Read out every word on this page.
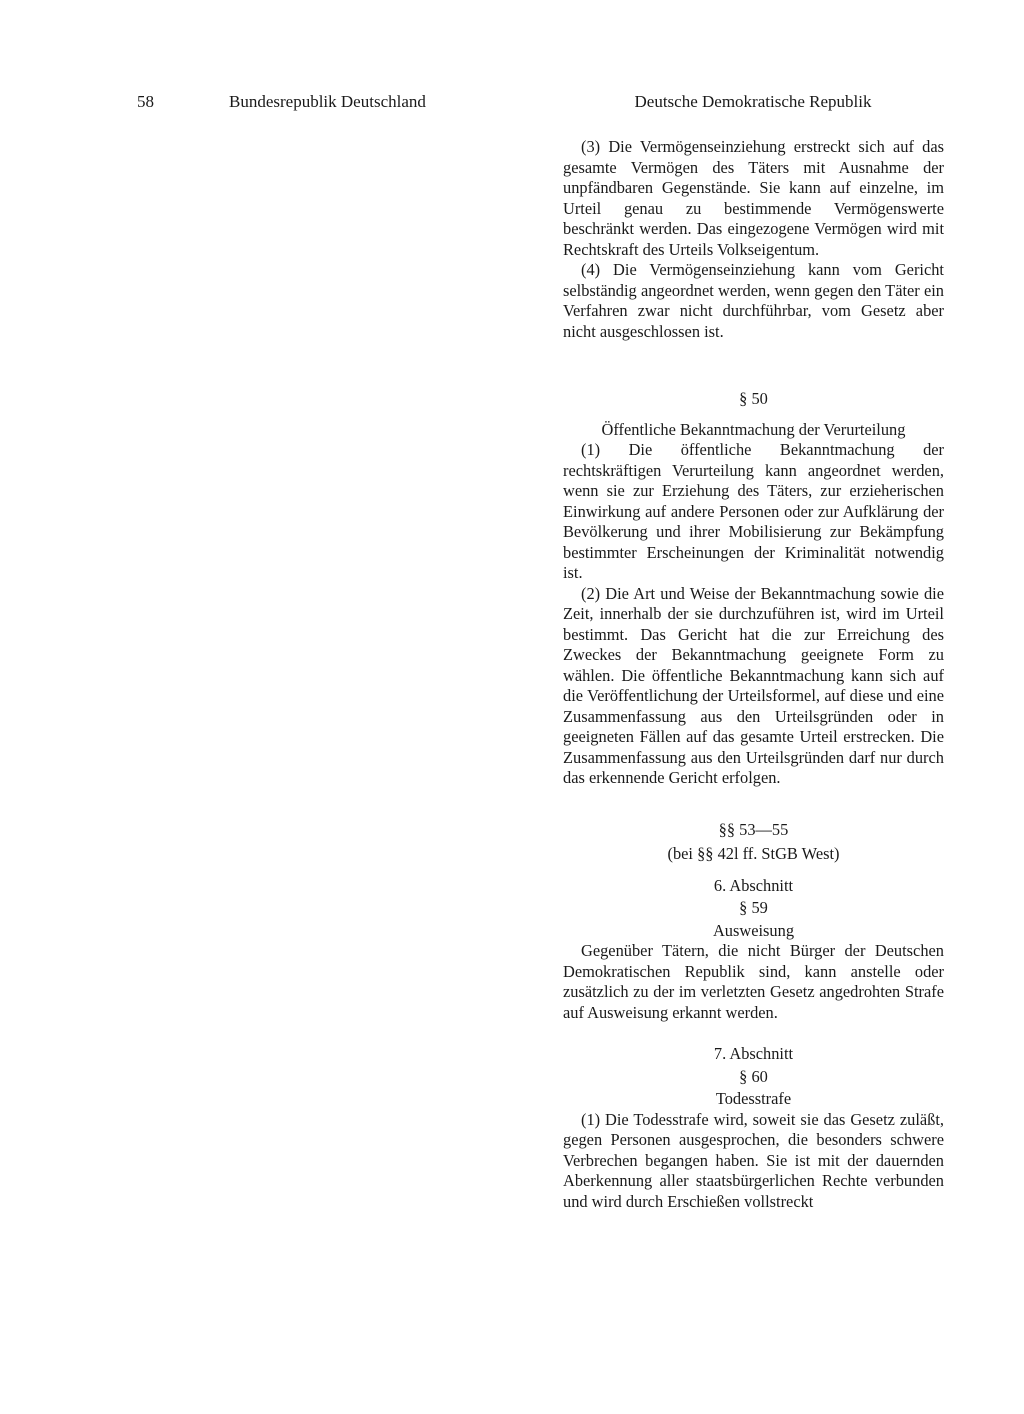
58	Bundesrepublik Deutschland	Deutsche Demokratische Republik

(3) Die Vermögenseinziehung erstreckt sich auf das gesamte Vermögen des Täters mit Ausnahme der unpfändbaren Gegenstände. Sie kann auf einzelne, im Urteil genau zu bestimmende Vermögenswerte beschränkt werden. Das eingezogene Vermögen wird mit Rechtskraft des Urteils Volkseigentum.

(4) Die Vermögenseinziehung kann vom Gericht selbständig angeordnet werden, wenn gegen den Täter ein Verfahren zwar nicht durchführbar, vom Gesetz aber nicht ausgeschlossen ist.

§ 50

Öffentliche Bekanntmachung der Verurteilung

(1) Die öffentliche Bekanntmachung der rechtskräftigen Verurteilung kann angeordnet werden, wenn sie zur Erziehung des Täters, zur erzieherischen Einwirkung auf andere Personen oder zur Aufklärung der Bevölkerung und ihrer Mobilisierung zur Bekämpfung bestimmter Erscheinungen der Kriminalität notwendig ist.

(2) Die Art und Weise der Bekanntmachung sowie die Zeit, innerhalb der sie durchzuführen ist, wird im Urteil bestimmt. Das Gericht hat die zur Erreichung des Zweckes der Bekanntmachung geeignete Form zu wählen. Die öffentliche Bekanntmachung kann sich auf die Veröffentlichung der Urteilsformel, auf diese und eine Zusammenfassung aus den Urteilsgründen oder in geeigneten Fällen auf das gesamte Urteil erstrecken. Die Zusammenfassung aus den Urteilsgründen darf nur durch das erkennende Gericht erfolgen.

§§ 53—55

(bei §§ 42l ff. StGB West)

6. Abschnitt

§ 59

Ausweisung

Gegenüber Tätern, die nicht Bürger der Deutschen Demokratischen Republik sind, kann anstelle oder zusätzlich zu der im verletzten Gesetz angedrohten Strafe auf Ausweisung erkannt werden.

7. Abschnitt

§ 60

Todesstrafe

(1) Die Todesstrafe wird, soweit sie das Gesetz zuläßt, gegen Personen ausgesprochen, die besonders schwere Verbrechen begangen haben. Sie ist mit der dauernden Aberkennung aller staatsbürgerlichen Rechte verbunden und wird durch Erschießen vollstreckt
